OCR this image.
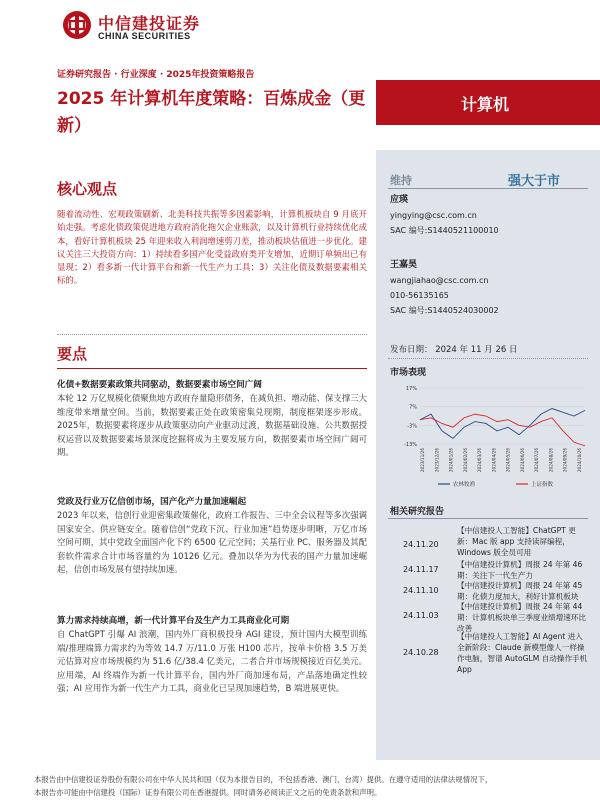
中信建投证券
CHINA SECURITIES
证券研究报告 · 行业深度 · 2025年投资策略报告
2025 年计算机年度策略：百炼成金（更新）
计算机
核心观点
随着流动性、宏观政策刷新、北美科技共振等多因素影响，计算机板块自 9 月底开始走强。考虑化债政策促进地方政府消化拖欠企业账款，以及计算机行业持续优化成本，看好计算机板块 25 年迎来收入利润增速剪刀差，推动板块估值进一步优化。建议关注三大投资方向：1）持续看多国产化受益政府类开支增加，近期订单频出已有显现；2）看多新一代计算平台和新一代生产力工具；3）关注化债及数据要素相关标的。
要点
化债+数据要素政策共同驱动，数据要素市场空间广阔
本轮 12 万亿规模化债聚焦地方政府存量隐形债务，在减负担、增动能、保支撑三大维度带来增量空间。当前，数据要素正处在政策密集兑现期，制度框架逐步形成。2025年，数据要素将逐步从政策驱动向产业驱动过渡，数据基础设施、公共数据授权运营以及数据要素场景深度挖掘将成为主要发展方向，数据要素市场空间广阔可期。
党政及行业万亿信创市场，国产化产力量加速崛起
2023 年以来，信创行业迎密集政策催化，政府工作报告、三中全会议程等多次强调国家安全、供应链安全。随着信创“党政下沉、行业加速”趋势逐步明晰，万亿市场空间可期，其中党政全面国产化下约 6500 亿元空间；关基行业 PC、服务器及其配套软件需求合计市场容量约为 10126 亿元。叠加以华为为代表的国产力量加速崛起，信创市场发展有望持续加速。
算力需求持续高增，新一代计算平台及生产力工具商业化可期
自 ChatGPT 引爆 AI 浪潮，国内外厂商积极投身 AGI 建设，预计国内大模型训练端/推理端算力需求约为等效 14.7 万/11.0 万张 H100 芯片，按单卡价格 3.5 万美元估算对应市场规模约为 51.6 亿/38.4 亿美元，二者合并市场规模接近百亿美元。应用端，AI 终端作为新一代计算平台，国内外厂商加速布局，产品落地确定性较强；AI 应用作为新一代生产力工具，商业化已呈现加速趋势，B 端进展更快。
维持	强大于市
应瑛
yingying@csc.com.cn
SAC 编号:S1440521100010
王嘉昊
wangjiahao@csc.com.cn
010-56135165
SAC 编号:S1440524030002
发布日期： 2024 年 11 月 26 日
市场表现
17%
7%
-3%
-13%
2023/11/26 2023/12/26 2024/01/26 2024/02/26 2024/03/26 2024/04/26 2024/05/26 2024/06/26 2024/07/26 2024/08/26 2024/09/26 2024/10/26
农林牧渔	上证指数
相关研究报告
24.11.20
【中信建投人工智能】ChatGPT 更新：Mac 版 app 支持读屏编程，Windows 版全员可用
24.11.17
【中信建投计算机】周报 24 年第 46 期：关注下一代生产力
24.11.10
【中信建投计算机】周报 24 年第 45 期：化债力度加大，利好计算机板块
24.11.03
【中信建投计算机】周报 24 年第 44 期：计算机板块单三季度业绩增速环比改善
24.10.28
【中信建投人工智能】AI Agent 进入全新阶段：Claude 新模型像人一样操作电脑，智谱 AutoGLM 自动操作手机 App
本报告由中信建投证券股份有限公司在中华人民共和国（仅为本报告目的，不包括香港、澳门、台湾）提供。在遵守适用的法律法规情况下，
本报告亦可能由中信建投（国际）证券有限公司在香港提供。同时请务必阅读正文之后的免责条款和声明。
